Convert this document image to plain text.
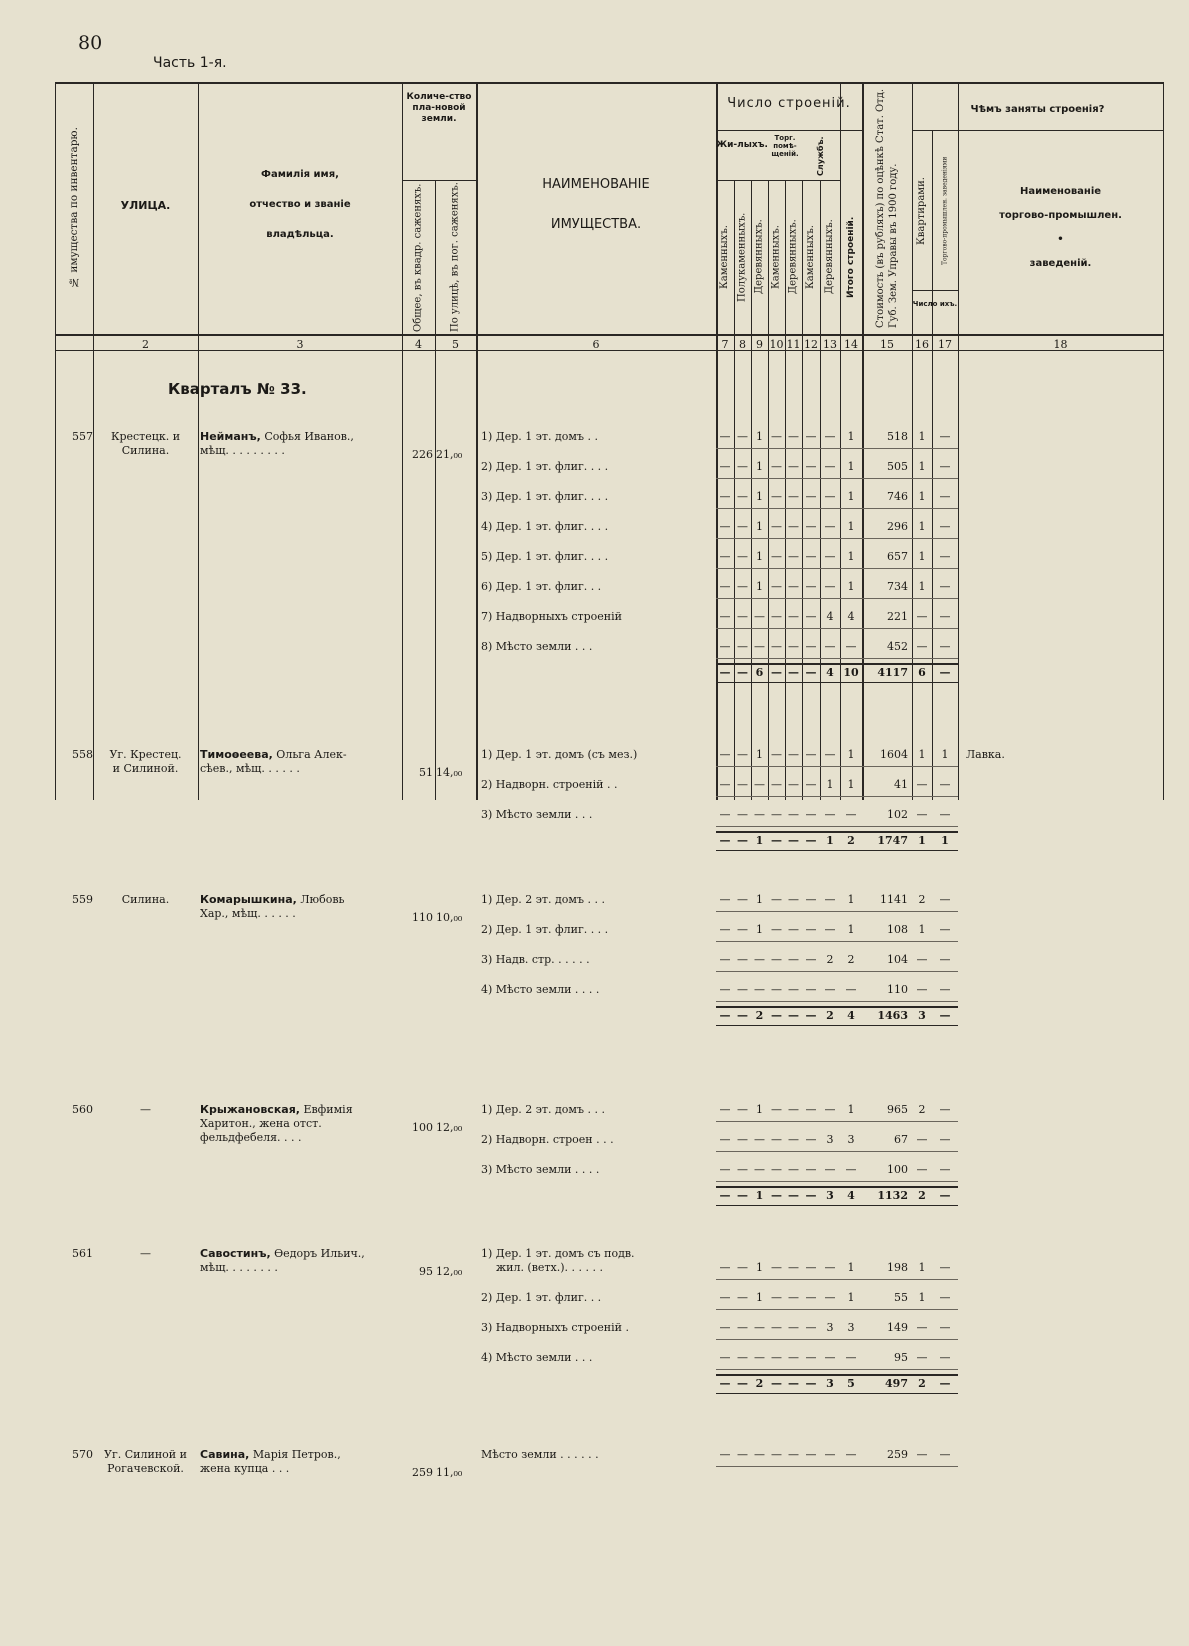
80
Часть 1-я.
№ имущества по инвентарю.	УЛИЦА.
Фамилія имя,
отчество и званіе
владѣльца.
Количе-ство пла-новой земли.
Общее, въ квадр. саженяхъ.	По улицѣ, въ пог. саженяхъ.	НАИМЕНОВАНІЕ
ИМУЩЕСТВА.
Число строеній.
Жи-лыхъ.
Торг. помѣ-щеній.	Службъ.
Каменныхъ. Полукаменныхъ. Деревянныхъ. Каменныхъ. Деревянныхъ. Каменныхъ. Деревянныхъ.	Итого строеній.	Стоимость (въ рубляхъ) по оцѣнкѣ Стат. Отд. Губ. Зем. Управы въ 1900 году.
Чѣмъ заняты строенія?
Квартирами.	Торгово-промышлен. заведеніями
Число ихъ.
Наименованіе
торгово-промышлен.
•
заведеній.
2	3	4	5	6	7 8 9 10 11 12 13 14	15	16 17	18
Кварталъ № 33.
557	Крестецк. и
Силина.
Нейманъ, Софья Иванов.,
мѣщ. . . . . . . . .	226 21,₀₀
1) Дер. 1 эт. домъ . .	— — 1 — — — —	1	518 1	—
2) Дер. 1 эт. флиг. . . .	— — 1 — — — —	1	505 1	—
3) Дер. 1 эт. флиг. . . .	— — 1 — — — —	1	746 1	—
4) Дер. 1 эт. флиг. . . .	— — 1 — — — —	1	296 1	—
5) Дер. 1 эт. флиг. . . .	— — 1 — — — —	1	657 1	—
6) Дер. 1 эт. флиг. . .	— — 1 — — — —	1	734 1	—
7) Надворныхъ строеній	— — — — — — 4	4	221 —	—
8) Мѣсто земли . . .	— — — — — — — —	452 —	—
— — 6 — — — 4 10	4117 6	—
558	Уг. Крестец.
и Силиной.
Тимоѳеева, Ольга Алек-
сѣев., мѣщ. . . . . .	51 14,₀₀
1) Дер. 1 эт. домъ (съ мез.)	— — 1 — — — —	1	1604 1	1	Лавка.
2) Надворн. строеній . .	— — — — — — 1	1	41 —	—
3) Мѣсто земли . . .	— — — — — — — —	102 —	—
— — 1 — — — 1	2	1747 1	1
559	Силина.	Комарышкина, Любовь
Хар., мѣщ. . . . . .	110 10,₀₀
1) Дер. 2 эт. домъ . . .	— — 1 — — — —	1	1141 2	—
2) Дер. 1 эт. флиг. . . .	— — 1 — — — —	1	108 1	—
3) Надв. стр. . . . . .	— — — — — — 2	2	104 —	—
4) Мѣсто земли . . . .	— — — — — — — —	110 —	—
— — 2 — — — 2	4	1463 3	—
560	—	Крыжановская, Евфимія
Харитон., жена отст.
фельдфебеля. . . .
100 12,₀₀
1) Дер. 2 эт. домъ . . .	— — 1 — — — —	1	965 2	—
2) Надворн. строен . . .	— — — — — — 3	3	67 —	—
3) Мѣсто земли . . . .	— — — — — — — —	100 —	—
— — 1 — — — 3	4	1132 2	—
561	—	Савостинъ, Ѳедоръ Ильич.,
мѣщ. . . . . . . .	95 12,₀₀
1) Дер. 1 эт. домъ съ подв.
жил. (ветх.). . . . . .	— — 1 — — — —	1	198 1	—
2) Дер. 1 эт. флиг. . .	— — 1 — — — —	1	55 1	—
3) Надворныхъ строеній .	— — — — — — 3	3	149 —	—
4) Мѣсто земли . . .	— — — — — — — —	95 —	—
— — 2 — — — 3	5	497 2	—
570	Уг. Силиной и
Рогачевской.
Савина, Марія Петров.,
жена купца . . .	259 11,₀₀
Мѣсто земли . . . . . .	— — — — — — — —	259 —	—
